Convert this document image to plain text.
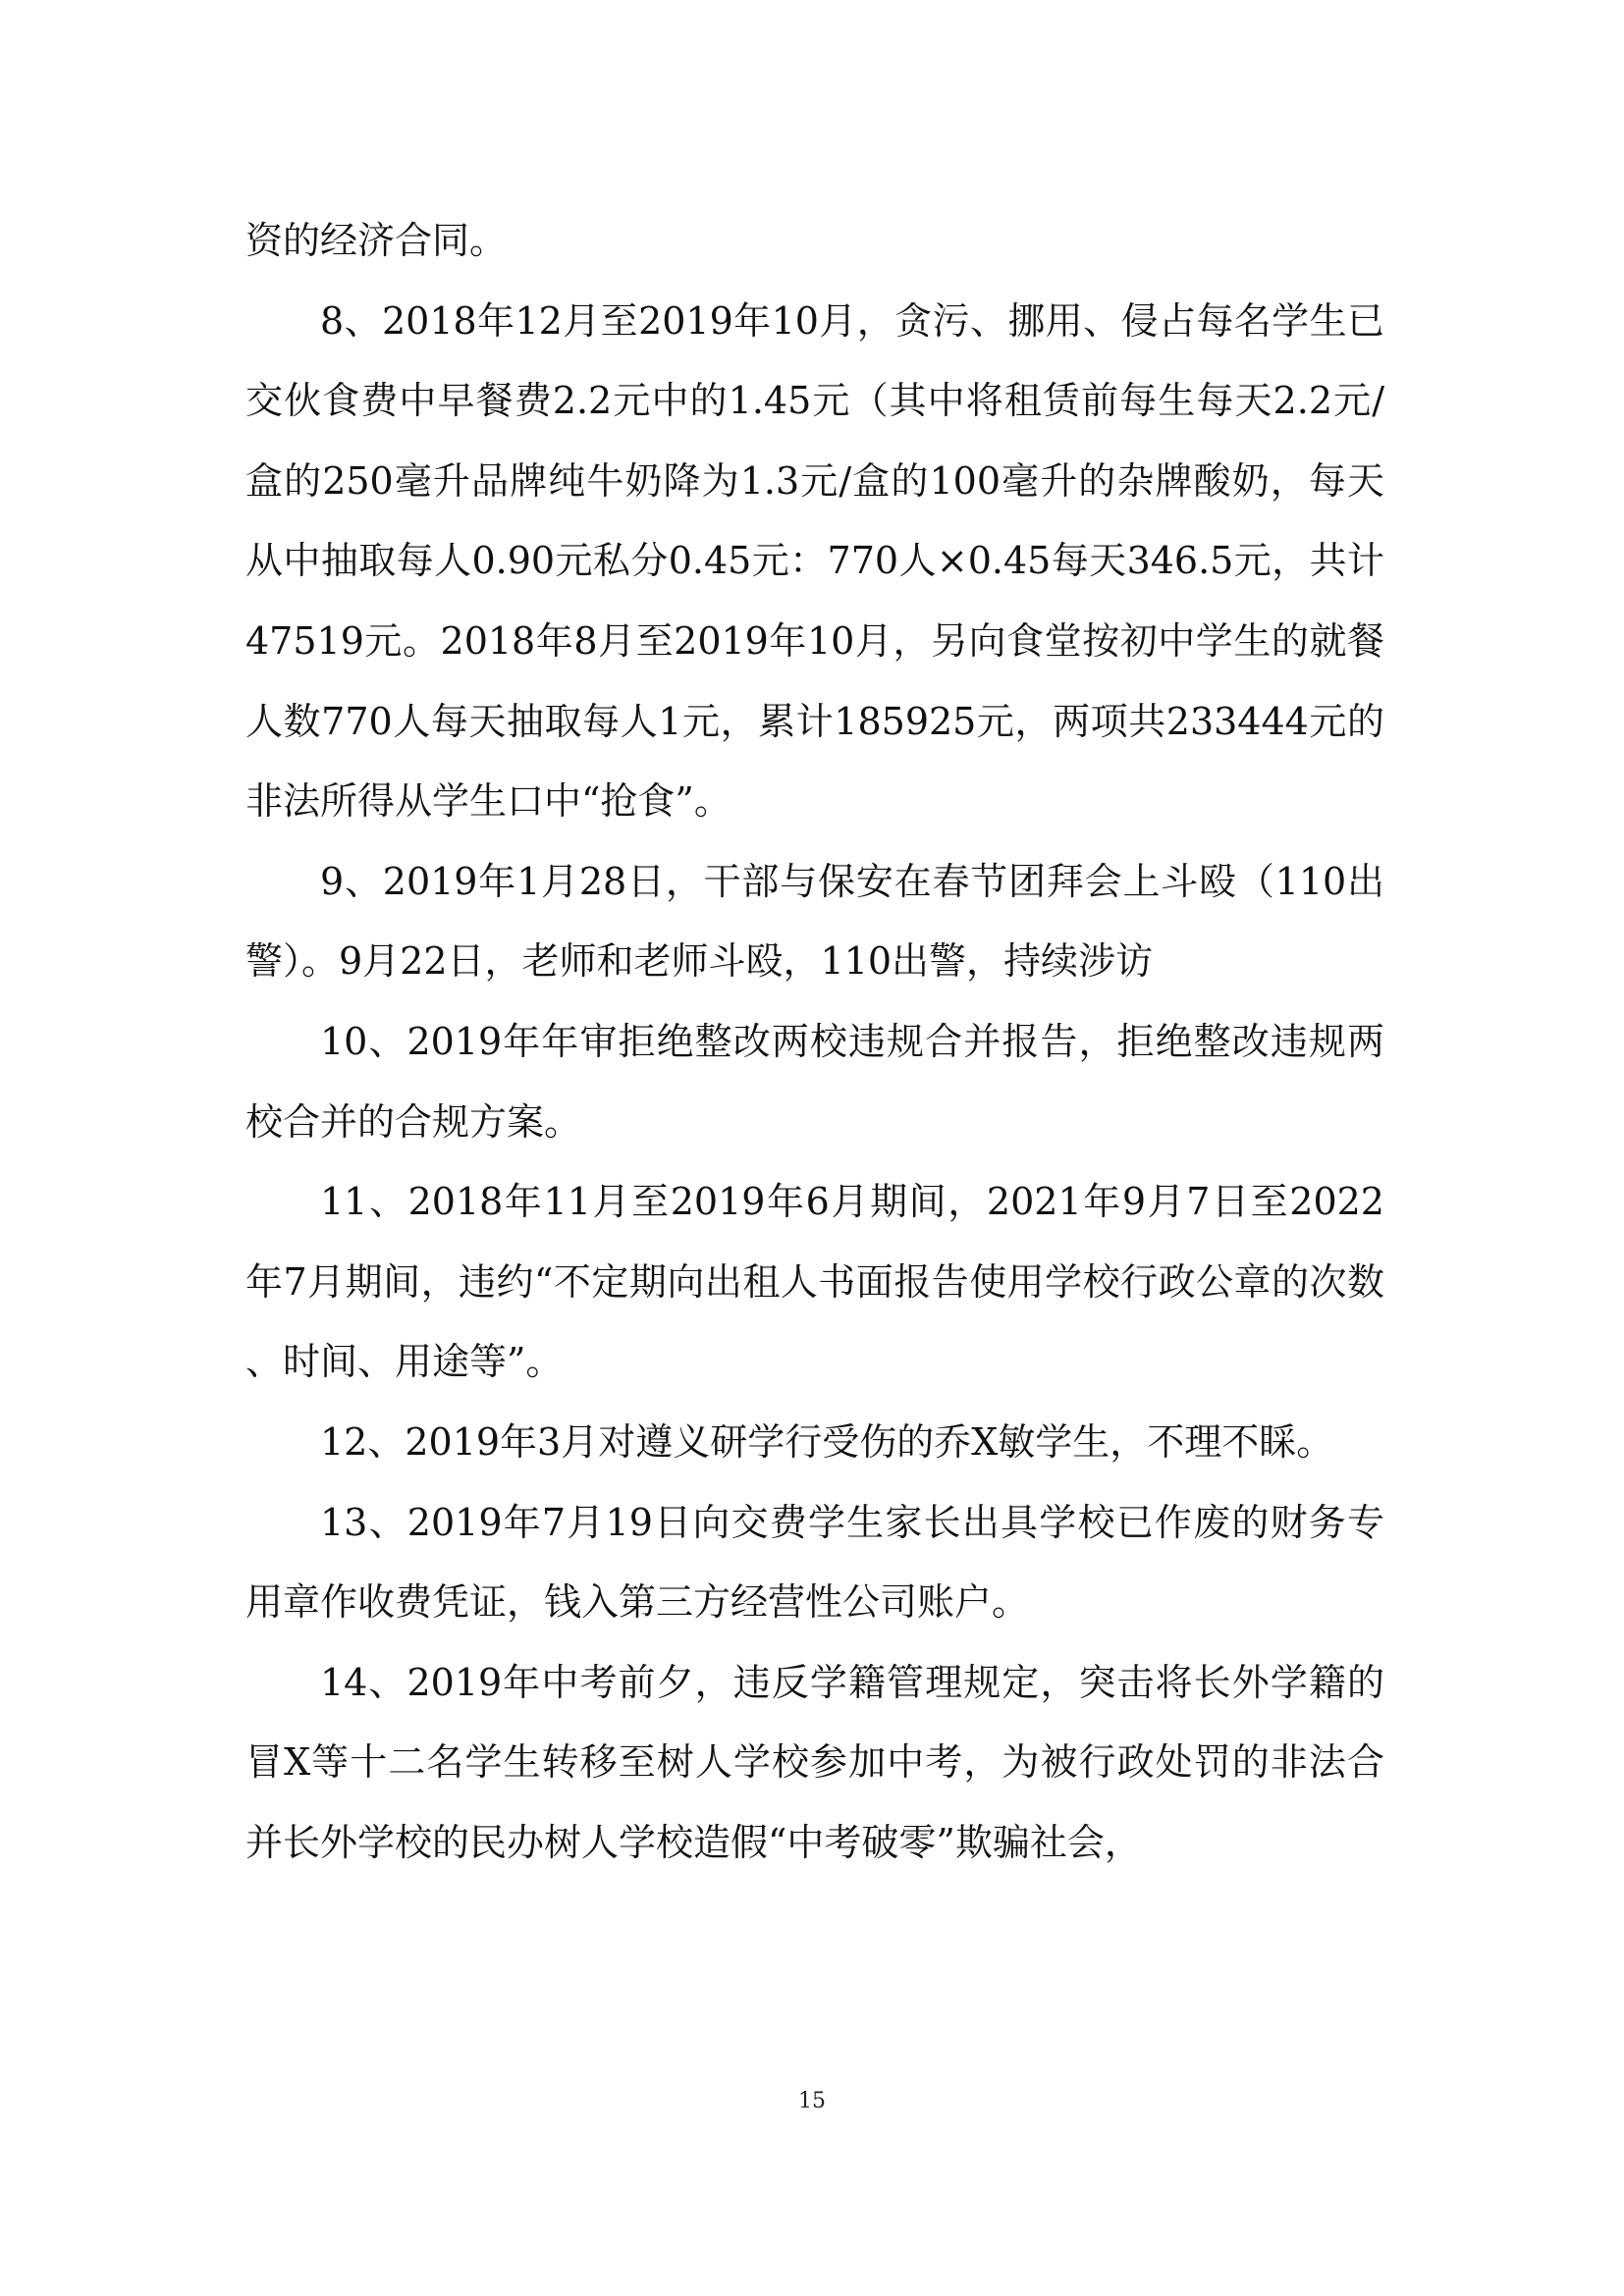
资的经济合同。

8、2018年12月至2019年10月，贪污、挪用、侵占每名学生已交伙食费中早餐费2.2元中的1.45元（其中将租赁前每生每天2.2元/盒的250毫升品牌纯牛奶降为1.3元/盒的100毫升的杂牌酸奶，每天从中抽取每人0.90元私分0.45元：770人×0.45每天346.5元，共计47519元。2018年8月至2019年10月，另向食堂按初中学生的就餐人数770人每天抽取每人1元，累计185925元，两项共233444元的非法所得从学生口中“抢食”。

9、2019年1月28日，干部与保安在春节团拜会上斗殴（110出警）。9月22日，老师和老师斗殴，110出警，持续涉访

10、2019年年审拒绝整改两校违规合并报告，拒绝整改违规两校合并的合规方案。

11、2018年11月至2019年6月期间，2021年9月7日至2022年7月期间，违约“不定期向出租人书面报告使用学校行政公章的次数、时间、用途等”。

12、2019年3月对遵义研学行受伤的乔X敏学生，不理不睬。

13、2019年7月19日向交费学生家长出具学校已作废的财务专用章作收费凭证，钱入第三方经营性公司账户。

14、2019年中考前夕，违反学籍管理规定，突击将长外学籍的冒X等十二名学生转移至树人学校参加中考，为被行政处罚的非法合并长外学校的民办树人学校造假“中考破零”欺骗社会，

15
